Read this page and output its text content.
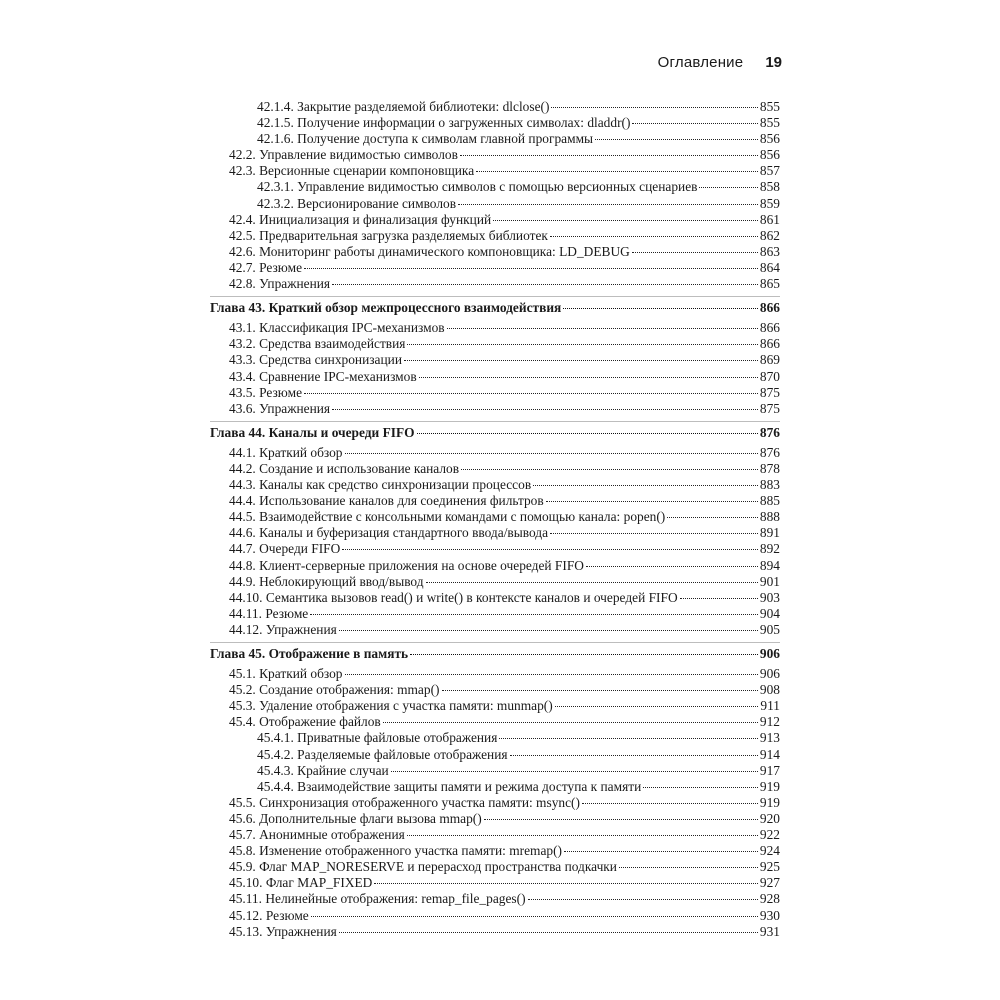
Оглавление 19
42.1.4. Закрытие разделяемой библиотеки: dlclose()	855
42.1.5. Получение информации о загруженных символах: dladdr()	855
42.1.6. Получение доступа к символам главной программы	856
42.2. Управление видимостью символов	856
42.3. Версионные сценарии компоновщика	857
42.3.1. Управление видимостью символов с помощью версионных сценариев	858
42.3.2. Версионирование символов	859
42.4. Инициализация и финализация функций	861
42.5. Предварительная загрузка разделяемых библиотек	862
42.6. Мониторинг работы динамического компоновщика: LD_DEBUG	863
42.7. Резюме	864
42.8. Упражнения	865
Глава 43. Краткий обзор межпроцессного взаимодействия	866
43.1. Классификация IPC-механизмов	866
43.2. Средства взаимодействия	866
43.3. Средства синхронизации	869
43.4. Сравнение IPC-механизмов	870
43.5. Резюме	875
43.6. Упражнения	875
Глава 44. Каналы и очереди FIFO	876
44.1. Краткий обзор	876
44.2. Создание и использование каналов	878
44.3. Каналы как средство синхронизации процессов	883
44.4. Использование каналов для соединения фильтров	885
44.5. Взаимодействие с консольными командами с помощью канала: popen()	888
44.6. Каналы и буферизация стандартного ввода/вывода	891
44.7. Очереди FIFO	892
44.8. Клиент-серверные приложения на основе очередей FIFO	894
44.9. Неблокирующий ввод/вывод	901
44.10. Семантика вызовов read() и write() в контексте каналов и очередей FIFO	903
44.11. Резюме	904
44.12. Упражнения	905
Глава 45. Отображение в память	906
45.1. Краткий обзор	906
45.2. Создание отображения: mmap()	908
45.3. Удаление отображения с участка памяти: munmap()	911
45.4. Отображение файлов	912
45.4.1. Приватные файловые отображения	913
45.4.2. Разделяемые файловые отображения	914
45.4.3. Крайние случаи	917
45.4.4. Взаимодействие защиты памяти и режима доступа к памяти	919
45.5. Синхронизация отображенного участка памяти: msync()	919
45.6. Дополнительные флаги вызова mmap()	920
45.7. Анонимные отображения	922
45.8. Изменение отображенного участка памяти: mremap()	924
45.9. Флаг MAP_NORESERVE и перерасход пространства подкачки	925
45.10. Флаг MAP_FIXED	927
45.11. Нелинейные отображения: remap_file_pages()	928
45.12. Резюме	930
45.13. Упражнения	931
